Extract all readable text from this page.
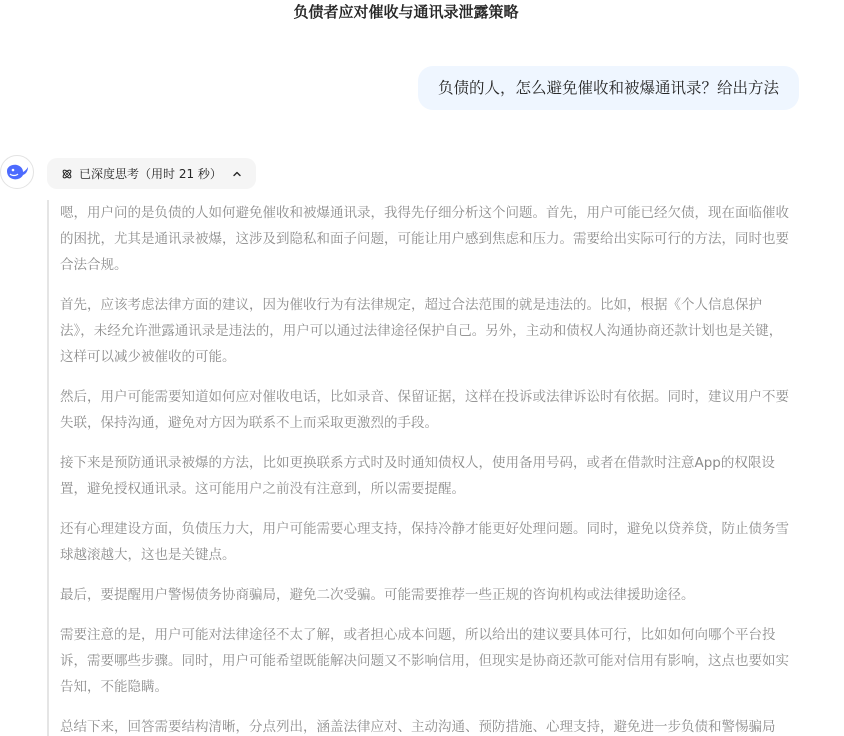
负债者应对催收与通讯录泄露策略
负债的人，怎么避免催收和被爆通讯录？给出方法
已深度思考（用时 21 秒）

嗯，用户问的是负债的人如何避免催收和被爆通讯录，我得先仔细分析这个问题。首先，用户可能已经欠债，现在面临催收的困扰，尤其是通讯录被爆，这涉及到隐私和面子问题，可能让用户感到焦虑和压力。需要给出实际可行的方法，同时也要合法合规。

首先，应该考虑法律方面的建议，因为催收行为有法律规定，超过合法范围的就是违法的。比如，根据《个人信息保护法》，未经允许泄露通讯录是违法的，用户可以通过法律途径保护自己。另外，主动和债权人沟通协商还款计划也是关键，这样可以减少被催收的可能。

然后，用户可能需要知道如何应对催收电话，比如录音、保留证据，这样在投诉或法律诉讼时有依据。同时，建议用户不要失联，保持沟通，避免对方因为联系不上而采取更激烈的手段。

接下来是预防通讯录被爆的方法，比如更换联系方式时及时通知债权人，使用备用号码，或者在借款时注意App的权限设置，避免授权通讯录。这可能用户之前没有注意到，所以需要提醒。

还有心理建设方面，负债压力大，用户可能需要心理支持，保持冷静才能更好处理问题。同时，避免以贷养贷，防止债务雪球越滚越大，这也是关键点。

最后，要提醒用户警惕债务协商骗局，避免二次受骗。可能需要推荐一些正规的咨询机构或法律援助途径。

需要注意的是，用户可能对法律途径不太了解，或者担心成本问题，所以给出的建议要具体可行，比如如何向哪个平台投诉，需要哪些步骤。同时，用户可能希望既能解决问题又不影响信用，但现实是协商还款可能对信用有影响，这点也要如实告知，不能隐瞒。

总结下来，回答需要结构清晰，分点列出，涵盖法律应对、主动沟通、预防措施、心理支持，避免进一步负债和警惕骗局
